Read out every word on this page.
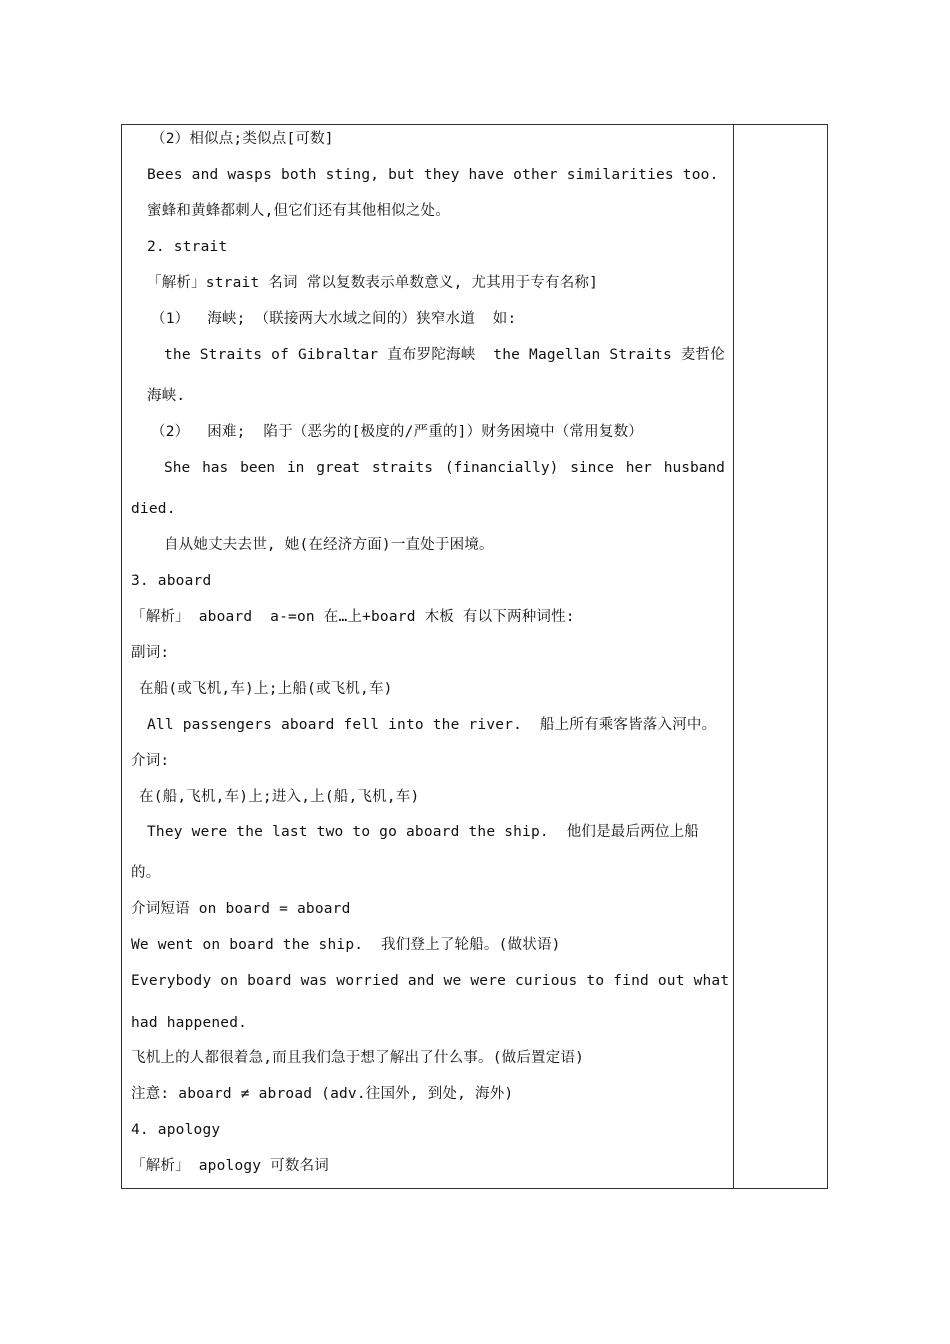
（2）相似点;类似点[可数]
Bees and wasps both sting, but they have other similarities too.
蜜蜂和黄蜂都刺人,但它们还有其他相似之处。
2. strait
「解析」strait 名词 常以复数表示单数意义, 尤其用于专有名称]
（1）  海峡; （联接两大水域之间的）狭窄水道  如:
the Straits of Gibraltar 直布罗陀海峡  the Magellan Straits 麦哲伦
海峡.
（2）  困难;  陷于（恶劣的[极度的/严重的]）财务困境中（常用复数）
She has been in great straits (financially) since her husband
died.
自从她丈夫去世, 她(在经济方面)一直处于困境。
3. aboard
「解析」 aboard  a-=on 在…上+board 木板 有以下两种词性:
副词:
在船(或飞机,车)上;上船(或飞机,车)
All passengers aboard fell into the river.  船上所有乘客皆落入河中。
介词:
在(船,飞机,车)上;进入,上(船,飞机,车)
They were the last two to go aboard the ship.  他们是最后两位上船
的。
介词短语 on board = aboard
We went on board the ship.  我们登上了轮船。(做状语)
Everybody on board was worried and we were curious to find out what
had happened.
飞机上的人都很着急,而且我们急于想了解出了什么事。(做后置定语)
注意: aboard ≠ abroad (adv.往国外, 到处, 海外)
4. apology
「解析」 apology 可数名词
